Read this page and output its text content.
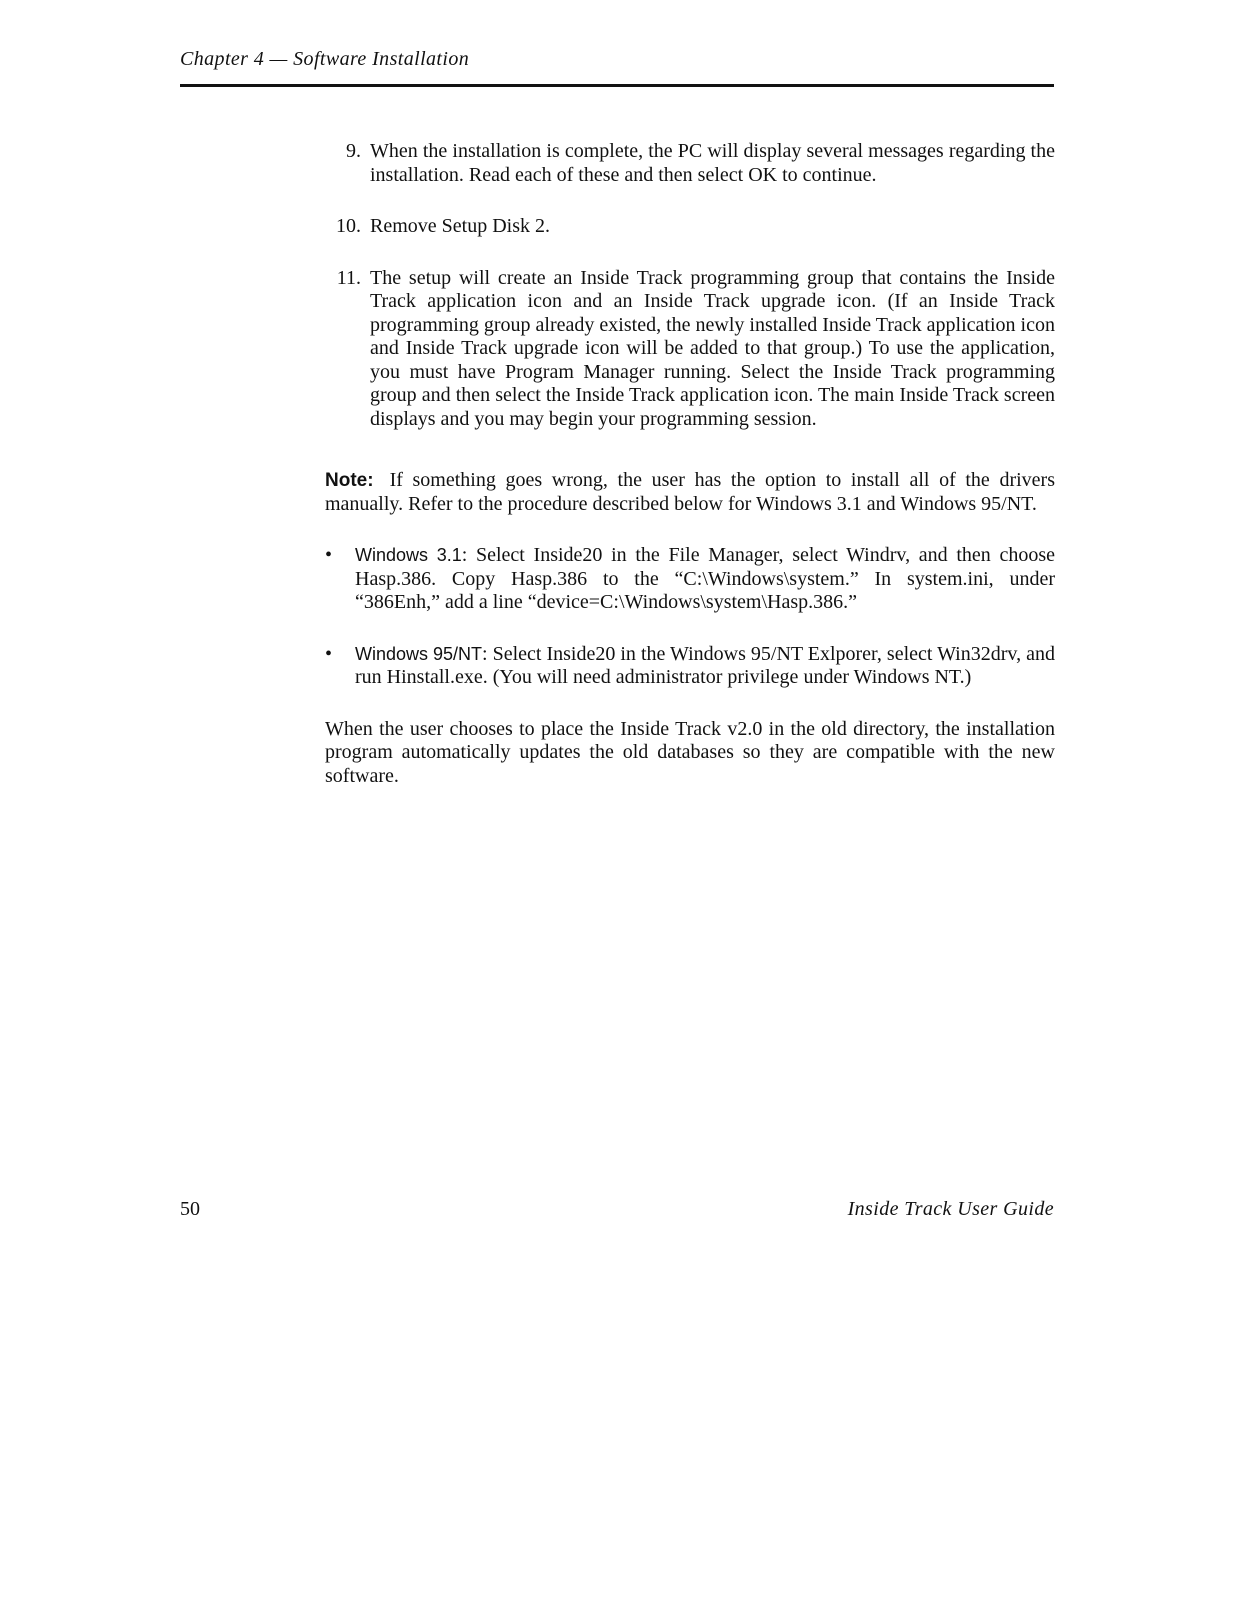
Chapter 4 — Software Installation
9. When the installation is complete, the PC will display several messages regarding the installation. Read each of these and then select OK to continue.
10. Remove Setup Disk 2.
11. The setup will create an Inside Track programming group that contains the Inside Track application icon and an Inside Track upgrade icon. (If an Inside Track programming group already existed, the newly installed Inside Track application icon and Inside Track upgrade icon will be added to that group.) To use the application, you must have Program Manager running. Select the Inside Track programming group and then select the Inside Track application icon. The main Inside Track screen displays and you may begin your programming session.

Note: If something goes wrong, the user has the option to install all of the drivers manually. Refer to the procedure described below for Windows 3.1 and Windows 95/NT.

• Windows 3.1: Select Inside20 in the File Manager, select Windrv, and then choose Hasp.386. Copy Hasp.386 to the “C:\Windows\system.” In system.ini, under “386Enh,” add a line “device=C:\Windows\system\Hasp.386.”
• Windows 95/NT: Select Inside20 in the Windows 95/NT Exlporer, select Win32drv, and run Hinstall.exe. (You will need administrator privilege under Windows NT.)

When the user chooses to place the Inside Track v2.0 in the old directory, the installation program automatically updates the old databases so they are compatible with the new software.

50	Inside Track User Guide
